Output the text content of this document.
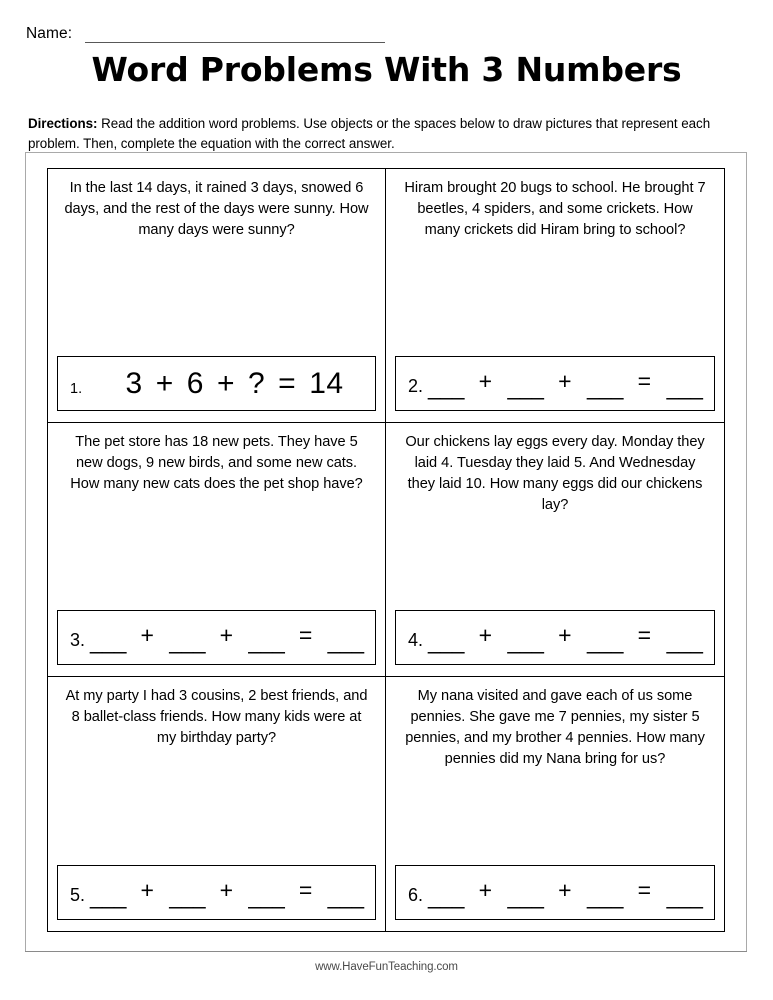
Name:
Word Problems With 3 Numbers
Directions: Read the addition word problems. Use objects or the spaces below to draw pictures that represent each problem. Then, complete the equation with the correct answer.
In the last 14 days, it rained 3 days, snowed 6 days, and the rest of the days were sunny. How many days were sunny?
1.	3 + 6 + ? = 14
Hiram brought 20 bugs to school. He brought 7 beetles, 4 spiders, and some crickets. How many crickets did Hiram bring to school?
2. ___ + ___ + ___ = ___
The pet store has 18 new pets. They have 5 new dogs, 9 new birds, and some new cats. How many new cats does the pet shop have?
3. ___ + ___ + ___ = ___
Our chickens lay eggs every day. Monday they laid 4. Tuesday they laid 5. And Wednesday they laid 10. How many eggs did our chickens lay?
4. ___ + ___ + ___ = ___
At my party I had 3 cousins, 2 best friends, and 8 ballet-class friends. How many kids were at my birthday party?
5. ___ + ___ + ___ = ___
My nana visited and gave each of us some pennies. She gave me 7 pennies, my sister 5 pennies, and my brother 4 pennies. How many pennies did my Nana bring for us?
6. ___ + ___ + ___ = ___
www.HaveFunTeaching.com
